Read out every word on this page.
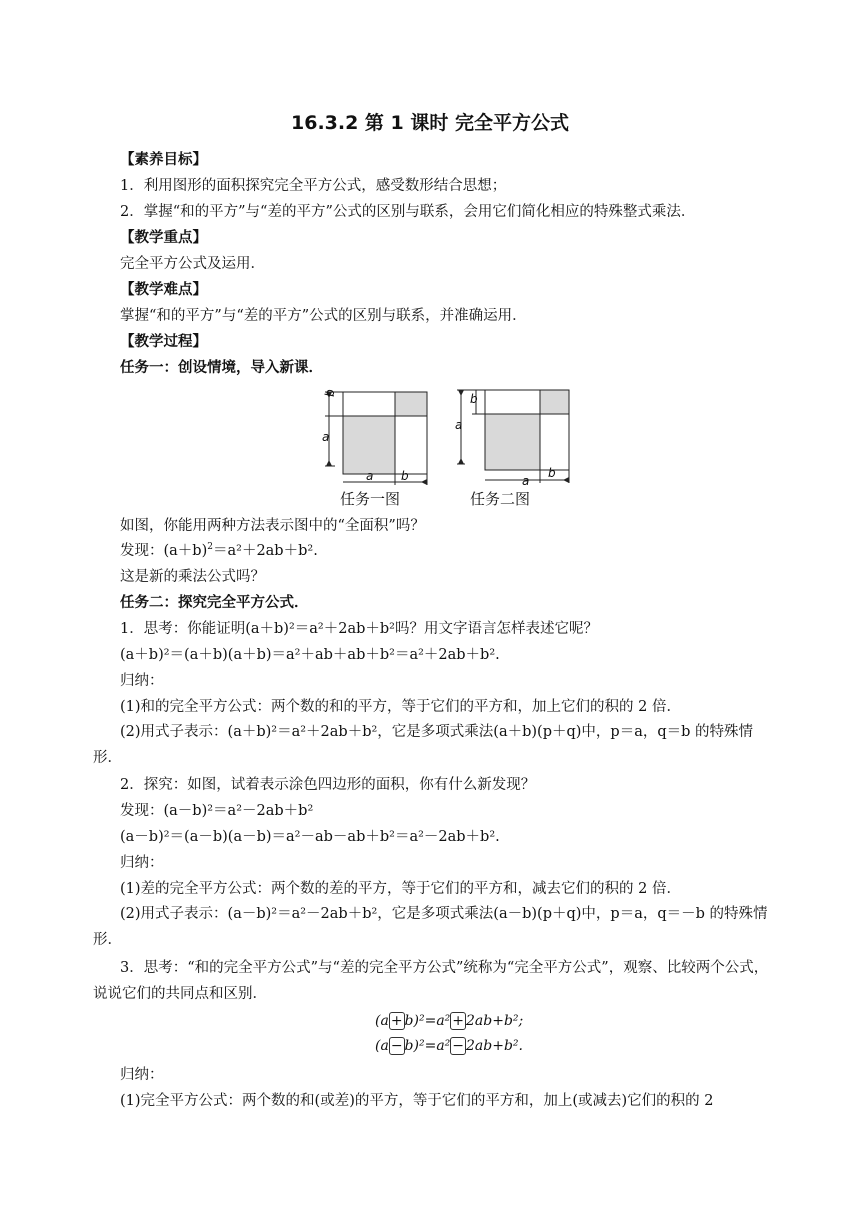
16.3.2 第 1 课时 完全平方公式
【素养目标】
1．利用图形的面积探究完全平方公式，感受数形结合思想；
2．掌握“和的平方”与“差的平方”公式的区别与联系，会用它们简化相应的特殊整式乘法．
【教学重点】
完全平方公式及运用．
【教学难点】
掌握“和的平方”与“差的平方”公式的区别与联系，并准确运用．
【教学过程】
任务一：创设情境，导入新课．
b
a
a b
任务一图
b
a
b
a
任务二图
如图，你能用两种方法表示图中的“全面积”吗？
发现：$(a+b)^2=a^2+2ab+b^2$.
这是新的乘法公式吗？
任务二：探究完全平方公式．
1．思考：你能证明(a＋b)²＝a²＋2ab＋b²吗？用文字语言怎样表述它呢？
(a＋b)²＝(a＋b)(a＋b)＝a²＋ab＋ab＋b²＝a²＋2ab＋b².
归纳：
(1)和的完全平方公式：两个数的和的平方，等于它们的平方和，加上它们的积的 2 倍．
(2)用式子表示：(a＋b)²＝a²＋2ab＋b²，它是多项式乘法(a＋b)(p＋q)中，p＝a，q＝b 的特殊情形．
2．探究：如图，试着表示涂色四边形的面积，你有什么新发现？
发现：(a－b)²＝a²－2ab＋b²
(a－b)²＝(a－b)(a－b)＝a²－ab－ab＋b²＝a²－2ab＋b².
归纳：
(1)差的完全平方公式：两个数的差的平方，等于它们的平方和，减去它们的积的 2 倍．
(2)用式子表示：(a－b)²＝a²－2ab＋b²，它是多项式乘法(a－b)(p＋q)中，p＝a，q＝－b 的特殊情形．
3．思考：“和的完全平方公式”与“差的完全平方公式”统称为“完全平方公式”，观察、比较两个公式，说说它们的共同点和区别．
(a + b)²=a² + 2ab+b²;
(a − b)²=a² − 2ab+b².
归纳：
(1)完全平方公式：两个数的和(或差)的平方，等于它们的平方和，加上(或减去)它们的积的 2
